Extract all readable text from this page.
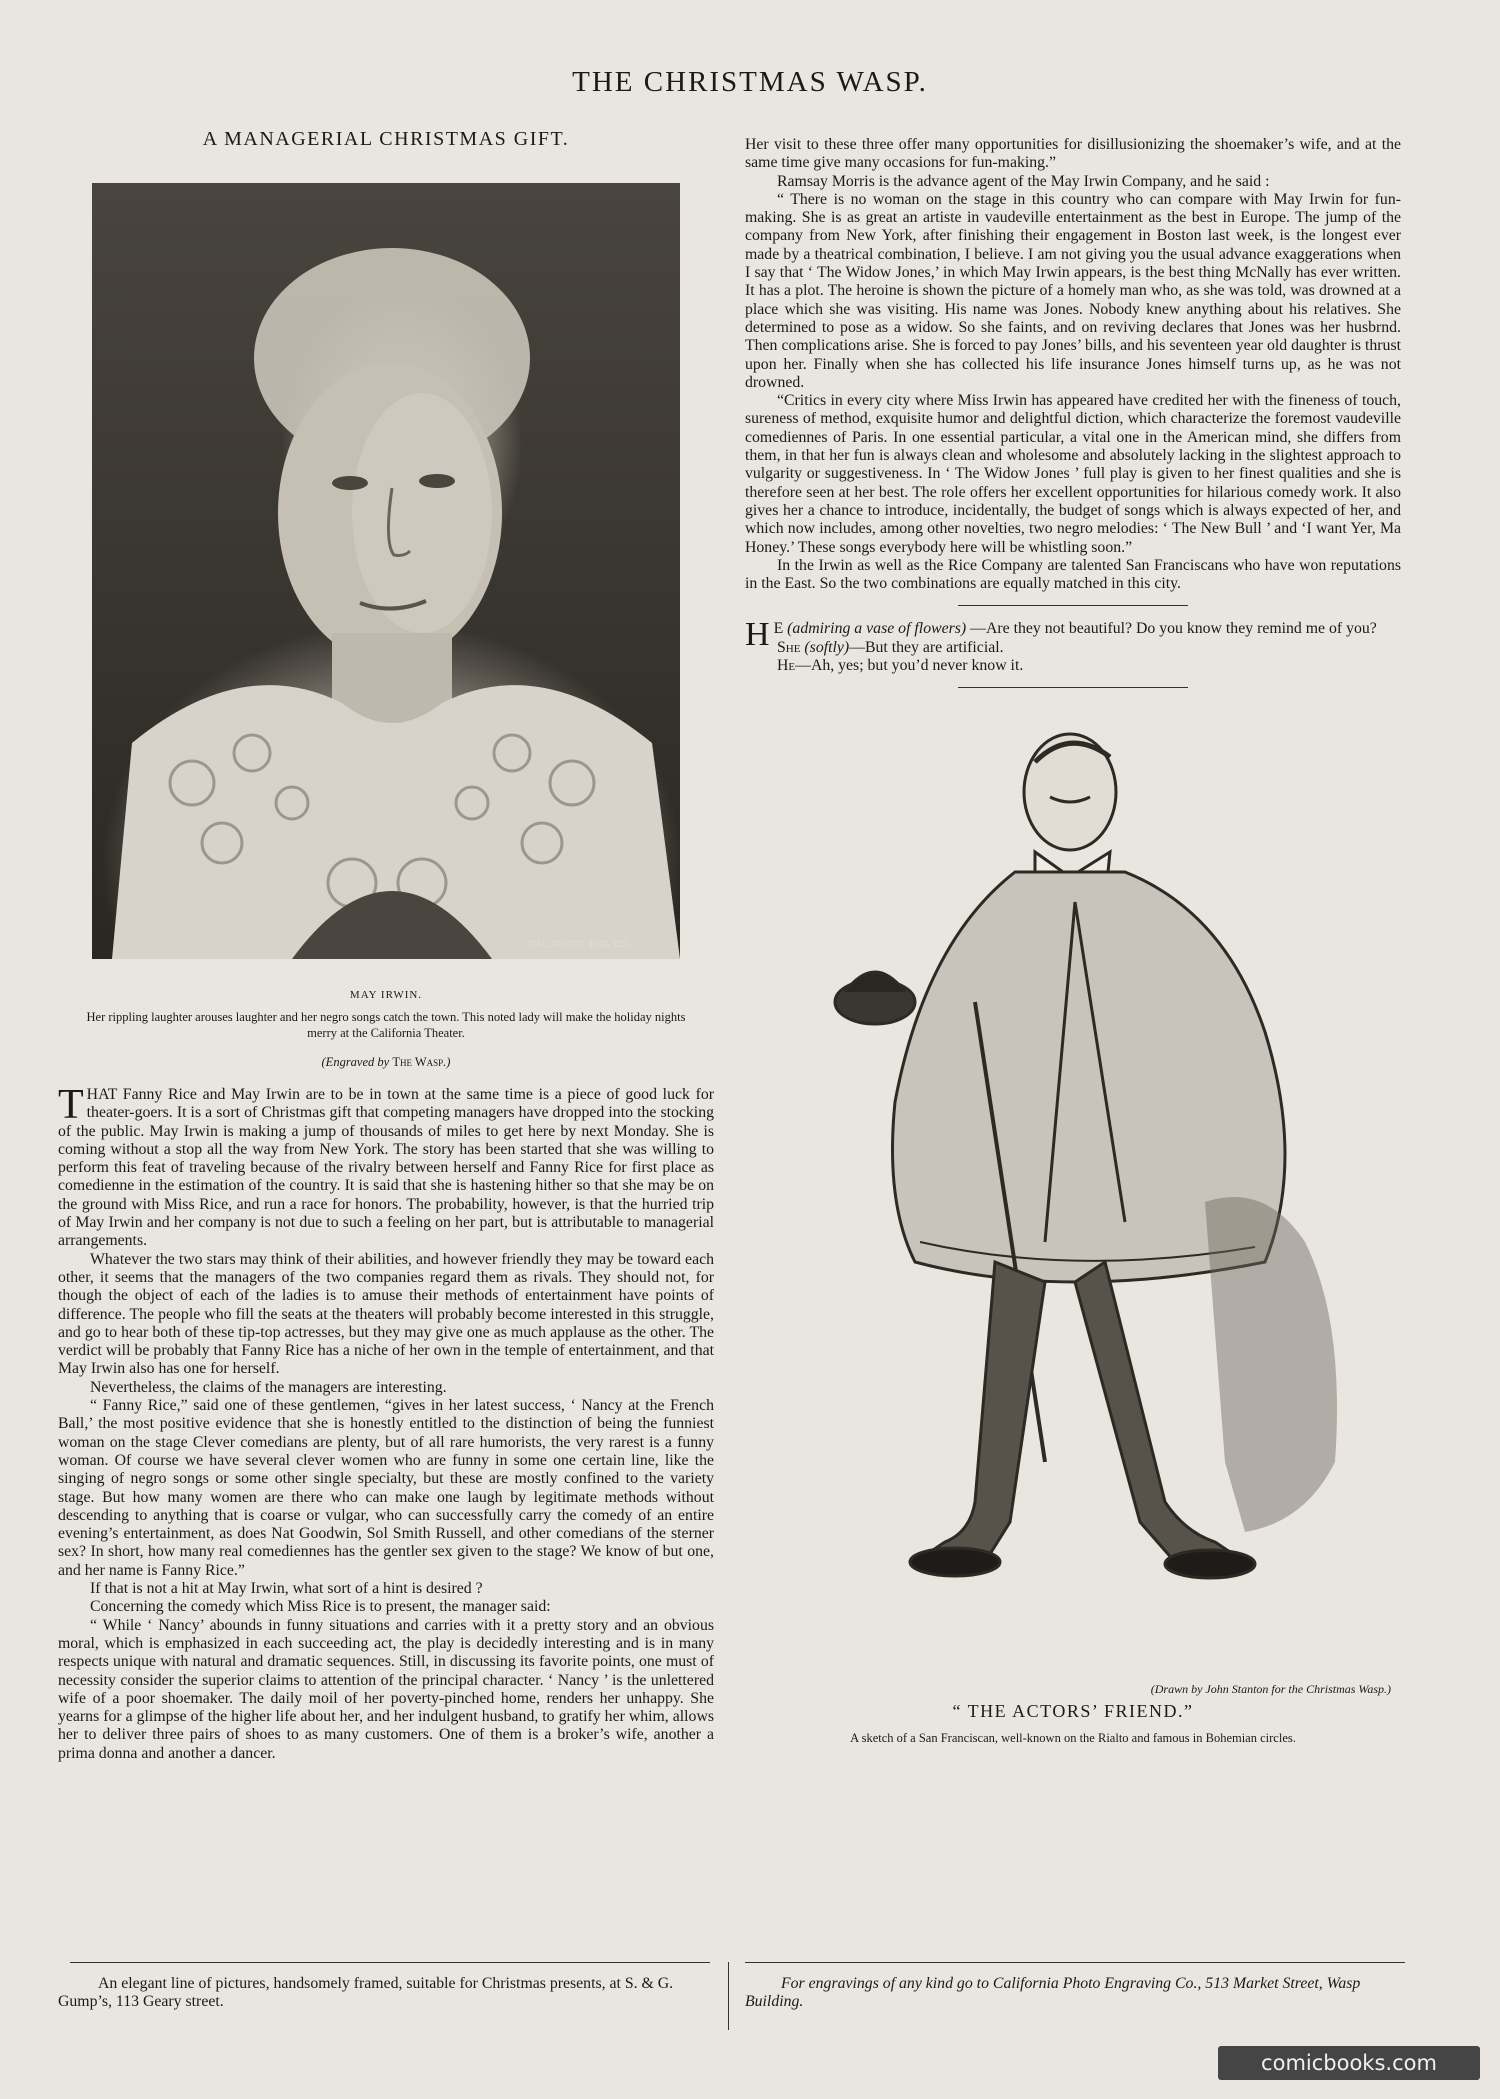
THE CHRISTMAS WASP.
A MANAGERIAL CHRISTMAS GIFT.
CAL. PHOTO. ENG. CO.
MAY IRWIN.
Her rippling laughter arouses laughter and her negro songs catch the town. This noted lady will make the holiday nights merry at the California Theater.
(Engraved by The Wasp.)

THAT Fanny Rice and May Irwin are to be in town at the same time is a piece of good luck for theater-goers. It is a sort of Christmas gift that competing managers have dropped into the stocking of the public. May Irwin is making a jump of thousands of miles to get here by next Monday. She is coming without a stop all the way from New York. The story has been started that she was willing to perform this feat of traveling because of the rivalry between herself and Fanny Rice for first place as comedienne in the estimation of the country. It is said that she is hastening hither so that she may be on the ground with Miss Rice, and run a race for honors. The probability, however, is that the hurried trip of May Irwin and her company is not due to such a feeling on her part, but is attributable to managerial arrangements.

Whatever the two stars may think of their abilities, and however friendly they may be toward each other, it seems that the managers of the two companies regard them as rivals. They should not, for though the object of each of the ladies is to amuse their methods of entertainment have points of difference. The people who fill the seats at the theaters will probably become interested in this struggle, and go to hear both of these tip-top actresses, but they may give one as much applause as the other. The verdict will be probably that Fanny Rice has a niche of her own in the temple of entertainment, and that May Irwin also has one for herself.

Nevertheless, the claims of the managers are interesting.

“ Fanny Rice,” said one of these gentlemen, “gives in her latest success, ‘ Nancy at the French Ball,’ the most positive evidence that she is honestly entitled to the distinction of being the funniest woman on the stage Clever comedians are plenty, but of all rare humorists, the very rarest is a funny woman. Of course we have several clever women who are funny in some one certain line, like the singing of negro songs or some other single specialty, but these are mostly confined to the variety stage. But how many women are there who can make one laugh by legitimate methods without descending to anything that is coarse or vulgar, who can successfully carry the comedy of an entire evening’s entertainment, as does Nat Goodwin, Sol Smith Russell, and other comedians of the sterner sex? In short, how many real comediennes has the gentler sex given to the stage? We know of but one, and her name is Fanny Rice.”

If that is not a hit at May Irwin, what sort of a hint is desired ?

Concerning the comedy which Miss Rice is to present, the manager said:

“ While ‘ Nancy’ abounds in funny situations and carries with it a pretty story and an obvious moral, which is emphasized in each succeeding act, the play is decidedly interesting and is in many respects unique with natural and dramatic sequences. Still, in discussing its favorite points, one must of necessity consider the superior claims to attention of the principal character. ‘ Nancy ’ is the unlettered wife of a poor shoemaker. The daily moil of her poverty-pinched home, renders her unhappy. She yearns for a glimpse of the higher life about her, and her indulgent husband, to gratify her whim, allows her to deliver three pairs of shoes to as many customers. One of them is a broker’s wife, another a prima donna and another a dancer.

Her visit to these three offer many opportunities for disillusionizing the shoemaker’s wife, and at the same time give many occasions for fun-making.”

Ramsay Morris is the advance agent of the May Irwin Company, and he said :

“ There is no woman on the stage in this country who can compare with May Irwin for fun-making. She is as great an artiste in vaudeville entertainment as the best in Europe. The jump of the company from New York, after finishing their engagement in Boston last week, is the longest ever made by a theatrical combination, I believe. I am not giving you the usual advance exaggerations when I say that ‘ The Widow Jones,’ in which May Irwin appears, is the best thing McNally has ever written. It has a plot. The heroine is shown the picture of a homely man who, as she was told, was drowned at a place which she was visiting. His name was Jones. Nobody knew anything about his relatives. She determined to pose as a widow. So she faints, and on reviving declares that Jones was her husbrnd. Then complications arise. She is forced to pay Jones’ bills, and his seventeen year old daughter is thrust upon her. Finally when she has collected his life insurance Jones himself turns up, as he was not drowned.

“Critics in every city where Miss Irwin has appeared have credited her with the fineness of touch, sureness of method, exquisite humor and delightful diction, which characterize the foremost vaudeville comediennes of Paris. In one essential particular, a vital one in the American mind, she differs from them, in that her fun is always clean and wholesome and absolutely lacking in the slightest approach to vulgarity or suggestiveness. In ‘ The Widow Jones ’ full play is given to her finest qualities and she is therefore seen at her best. The role offers her excellent opportunities for hilarious comedy work. It also gives her a chance to introduce, incidentally, the budget of songs which is always expected of her, and which now includes, among other novelties, two negro melodies: ‘ The New Bull ’ and ‘I want Yer, Ma Honey.’ These songs everybody here will be whistling soon.”

In the Irwin as well as the Rice Company are talented San Franciscans who have won reputations in the East. So the two combinations are equally matched in this city.

H E (admiring a vase of flowers) —Are they not beautiful? Do you know they remind me of you?

She (softly)—But they are artificial.

He—Ah, yes; but you’d never know it.

(Drawn by John Stanton for the Christmas Wasp.)
“ THE ACTORS’ FRIEND.”
A sketch of a San Franciscan, well-known on the Rialto and famous in Bohemian circles.

An elegant line of pictures, handsomely framed, suitable for Christmas presents, at S. & G. Gump’s, 113 Geary street.

For engravings of any kind go to California Photo Engraving Co., 513 Market Street, Wasp Building.

comicbooks.com
